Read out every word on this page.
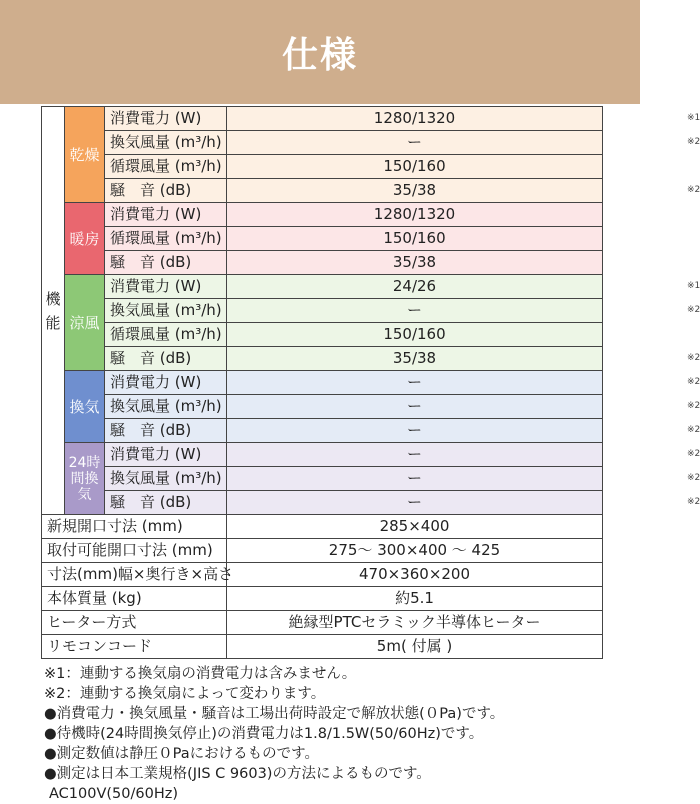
仕様
機能	乾燥	消費電力 (W)	1280/1320 ※1

		換気風量 (m³/h)	ー ※2

		循環風量 (m³/h)	150/160

		騒　音 (dB)	35/38 ※2

	暖房	消費電力 (W)	1280/1320

		循環風量 (m³/h)	150/160

		騒　音 (dB)	35/38

	涼風	消費電力 (W)	24/26 ※1

		換気風量 (m³/h)	ー ※2

		循環風量 (m³/h)	150/160

		騒　音 (dB)	35/38 ※2

	換気	消費電力 (W)	ー ※2

		換気風量 (m³/h)	ー ※2

		騒　音 (dB)	ー ※2

	24時間換気	消費電力 (W)	ー ※2

		換気風量 (m³/h)	ー ※2

		騒　音 (dB)	ー ※2

新規開口寸法 (mm)			285×400
取付可能開口寸法 (mm)			275～ 300×400 ～ 425
寸法(mm)幅×奥行き×高さ			470×360×200
本体質量 (kg)			約5.1
ヒーター方式			絶縁型PTCセラミック半導体ヒーター
リモコンコード			5m( 付属 )
※1：連動する換気扇の消費電力は含みません。
※2：連動する換気扇によって変わります。
●消費電力・換気風量・騒音は工場出荷時設定で解放状態(０Pa)です。
●待機時(24時間換気停止)の消費電力は1.8/1.5W(50/60Hz)です。
●測定数値は静圧０Paにおけるものです。
●測定は日本工業規格(JIS C 9603)の方法によるものです。
AC100V(50/60Hz)
